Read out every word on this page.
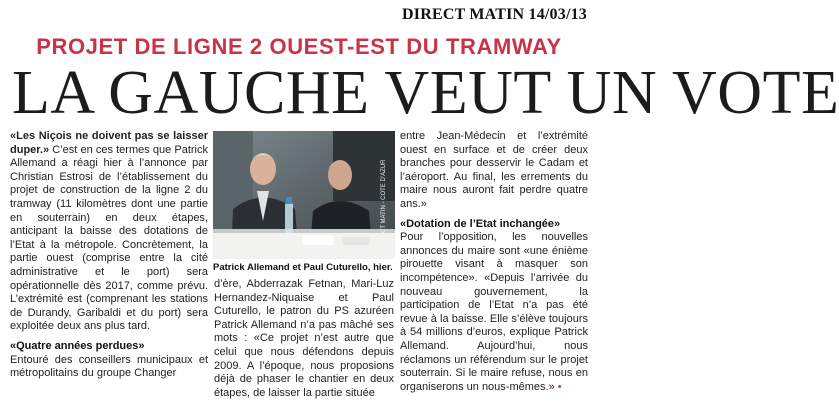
DIRECT MATIN 14/03/13
PROJET DE LIGNE 2 OUEST-EST DU TRAMWAY
LA GAUCHE VEUT UN VOTE

«Les Niçois ne doivent pas se laisser duper.» C’est en ces termes que Patrick Allemand a réagi hier à l’annonce par Christian Estrosi de l’établissement du projet de construction de la ligne 2 du tramway (11 kilomètres dont une partie en souterrain) en deux étapes, anticipant la baisse des dotations de l’Etat à la métropole. Concrètement, la partie ouest (comprise entre la cité administrative et le port) sera opérationnelle dès 2017, comme prévu. L’extrémité est (comprenant les stations de Durandy, Garibaldi et du port) sera exploitée deux ans plus tard.

«Quatre années perdues»

Entouré des conseillers municipaux et métropolitains du groupe Changer

© DIRECT MATIN - CÔTE D’AZUR
Patrick Allemand et Paul Cuturello, hier.

d’ère, Abderrazak Fetnan, Mari-Luz Hernandez-Niquaise et Paul Cuturello, le patron du PS azuréen Patrick Allemand n’a pas mâché ses mots : «Ce projet n’est autre que celui que nous défendons depuis 2009. A l’époque, nous proposions déjà de phaser le chantier en deux étapes, de laisser la partie située

entre Jean-Médecin et l’extrémité ouest en surface et de créer deux branches pour desservir le Cadam et l’aéroport. Au final, les errements du maire nous auront fait perdre quatre ans.»

«Dotation de l’Etat inchangée»

Pour l’opposition, les nouvelles annonces du maire sont «une énième pirouette visant à masquer son incompétence». «Depuis l’arrivée du nouveau gouvernement, la participation de l’Etat n’a pas été revue à la baisse. Elle s’élève toujours à 54 millions d’euros, explique Patrick Allemand. Aujourd’hui, nous réclamons un référendum sur le projet souterrain. Si le maire refuse, nous en organiserons un nous-mêmes.» •
